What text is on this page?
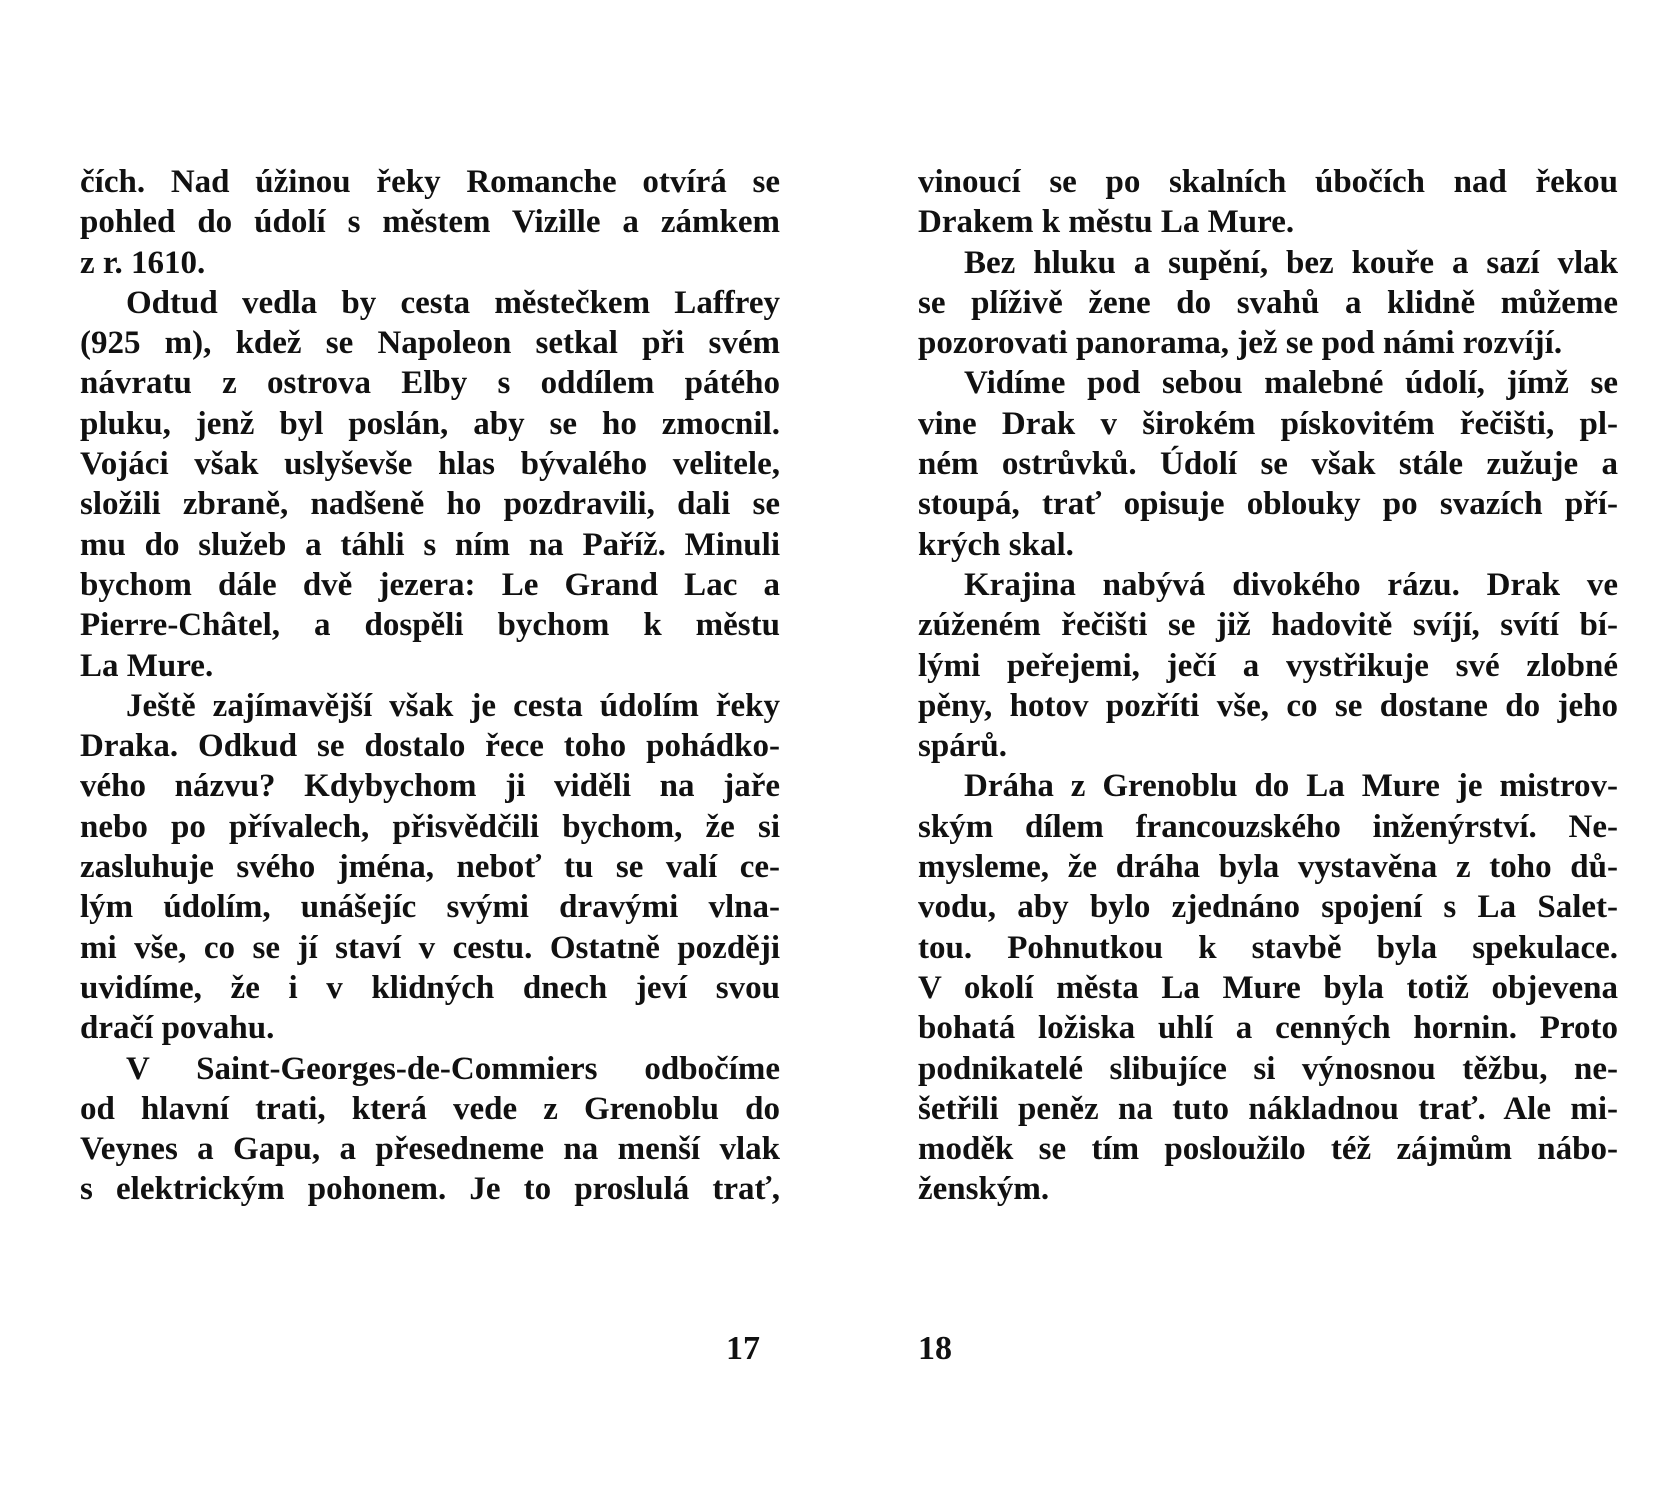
čích. Nad úžinou řeky Romanche otvírá se
pohled do údolí s městem Vizille a zámkem
z r. 1610.

Odtud vedla by cesta městečkem Laffrey
(925 m), kdež se Napoleon setkal při svém
návratu z ostrova Elby s oddílem pátého
pluku, jenž byl poslán, aby se ho zmocnil.
Vojáci však uslyševše hlas bývalého velitele,
složili zbraně, nadšeně ho pozdravili, dali se
mu do služeb a táhli s ním na Paříž. Minuli
bychom dále dvě jezera: Le Grand Lac a
Pierre-Châtel, a dospěli bychom k městu
La Mure.

Ještě zajímavější však je cesta údolím řeky
Draka. Odkud se dostalo řece toho pohádko-
vého názvu? Kdybychom ji viděli na jaře
nebo po přívalech, přisvědčili bychom, že si
zasluhuje svého jména, neboť tu se valí ce-
lým údolím, unášejíc svými dravými vlna-
mi vše, co se jí staví v cestu. Ostatně později
uvidíme, že i v klidných dnech jeví svou
dračí povahu.

V Saint-Georges-de-Commiers odbočíme
od hlavní trati, která vede z Grenoblu do
Veynes a Gapu, a přesedneme na menší vlak
s elektrickým pohonem. Je to proslulá trať,

vinoucí se po skalních úbočích nad řekou
Drakem k městu La Mure.

Bez hluku a supění, bez kouře a sazí vlak
se plíživě žene do svahů a klidně můžeme
pozorovati panorama, jež se pod námi rozvíjí.

Vidíme pod sebou malebné údolí, jímž se
vine Drak v širokém pískovitém řečišti, pl-
ném ostrůvků. Údolí se však stále zužuje a
stoupá, trať opisuje oblouky po svazích pří-
krých skal.

Krajina nabývá divokého rázu. Drak ve
zúženém řečišti se již hadovitě svíjí, svítí bí-
lými peřejemi, ječí a vystřikuje své zlobné
pěny, hotov pozříti vše, co se dostane do jeho
spárů.

Dráha z Grenoblu do La Mure je mistrov-
ským dílem francouzského inženýrství. Ne-
mysleme, že dráha byla vystavěna z toho dů-
vodu, aby bylo zjednáno spojení s La Salet-
tou. Pohnutkou k stavbě byla spekulace.
V okolí města La Mure byla totiž objevena
bohatá ložiska uhlí a cenných hornin. Proto
podnikatelé slibujíce si výnosnou těžbu, ne-
šetřili peněz na tuto nákladnou trať. Ale mi-
moděk se tím posloužilo též zájmům nábo-
ženským.

17	18
